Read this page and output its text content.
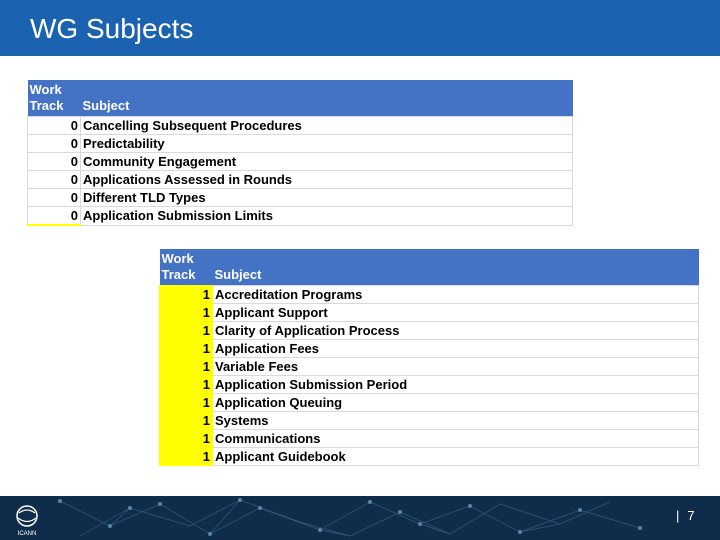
WG Subjects
Work
Track	Subject
0	Cancelling Subsequent Procedures
0	Predictability
0	Community Engagement
0	Applications Assessed in Rounds
0	Different TLD Types
0	Application Submission Limits
Work
Track	Subject
1	Accreditation Programs
1	Applicant Support
1	Clarity of Application Process
1	Application Fees
1	Variable Fees
1	Application Submission Period
1	Application Queuing
1	Systems
1	Communications
1	Applicant Guidebook
ICANN
| 7
